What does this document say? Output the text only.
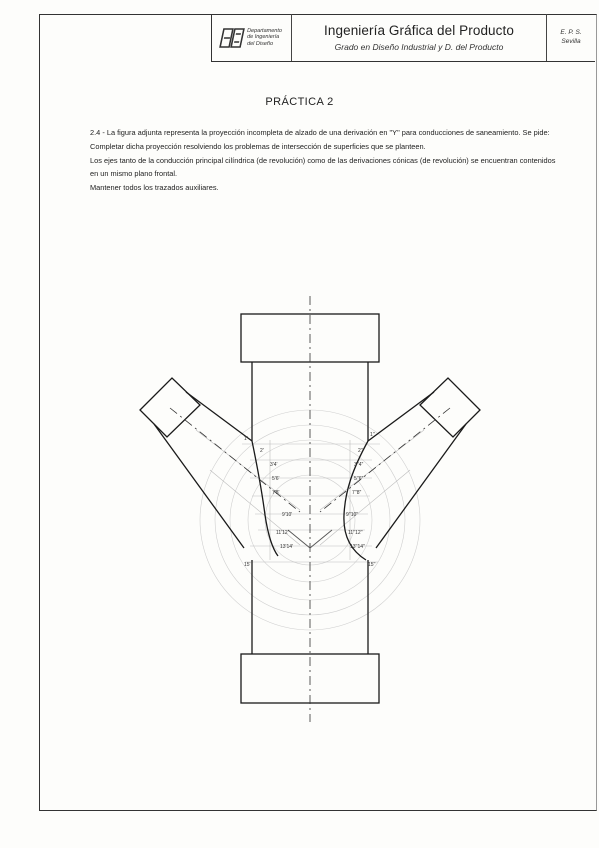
Departamento
de Ingeniería
del Diseño
Ingeniería Gráfica del Producto
Grado en Diseño Industrial y D. del Producto
E. P. S.
Sevilla
PRÁCTICA 2

2.4 - La figura adjunta representa la proyección incompleta de alzado de una derivación en "Y" para conducciones de saneamiento. Se pide:

Completar dicha proyección resolviendo los problemas de intersección de superficies que se planteen.

Los ejes tanto de la conducción principal cilíndrica (de revolución) como de las derivaciones cónicas (de revolución) se encuentran contenidos en un mismo plano frontal.

Mantener todos los trazados auxiliares.

1'
2'
3'4'
5'6'
7'8'
9'10'
11'12'
13'14'
15'
1''
2''
3''4''
5''6''
7''8''
9''10''
11''12''
13''14''
15''
